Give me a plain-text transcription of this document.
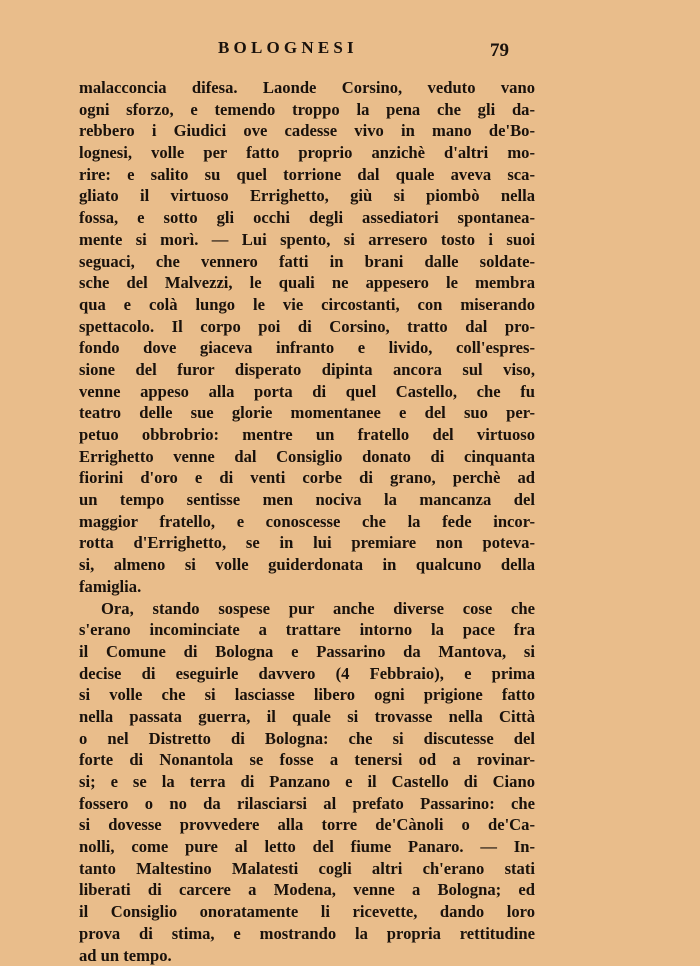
BOLOGNESI	79
malacconcia difesa. Laonde Corsino, veduto vano
ogni sforzo, e temendo troppo la pena che gli da-
rebbero i Giudici ove cadesse vivo in mano de'Bo-
lognesi, volle per fatto proprio anzichè d'altri mo-
rire: e salito su quel torrione dal quale aveva sca-
gliato il virtuoso Errighetto, giù si piombò nella
fossa, e sotto gli occhi degli assediatori spontanea-
mente si morì. — Lui spento, si arresero tosto i suoi
seguaci, che vennero fatti in brani dalle soldate-
sche del Malvezzi, le quali ne appesero le membra
qua e colà lungo le vie circostanti, con miserando
spettacolo. Il corpo poi di Corsino, tratto dal pro-
fondo dove giaceva infranto e livido, coll'espres-
sione del furor disperato dipinta ancora sul viso,
venne appeso alla porta di quel Castello, che fu
teatro delle sue glorie momentanee e del suo per-
petuo obbrobrio: mentre un fratello del virtuoso
Errighetto venne dal Consiglio donato di cinquanta
fiorini d'oro e di venti corbe di grano, perchè ad
un tempo sentisse men nociva la mancanza del
maggior fratello, e conoscesse che la fede incor-
rotta d'Errighetto, se in lui premiare non poteva-
si, almeno si volle guiderdonata in qualcuno della
famiglia.
Ora, stando sospese pur anche diverse cose che
s'erano incominciate a trattare intorno la pace fra
il Comune di Bologna e Passarino da Mantova, si
decise di eseguirle davvero (4 Febbraio), e prima
si volle che si lasciasse libero ogni prigione fatto
nella passata guerra, il quale si trovasse nella Città
o nel Distretto di Bologna: che si discutesse del
forte di Nonantola se fosse a tenersi od a rovinar-
si; e se la terra di Panzano e il Castello di Ciano
fossero o no da rilasciarsi al prefato Passarino: che
si dovesse provvedere alla torre de'Cànoli o de'Ca-
nolli, come pure al letto del fiume Panaro. — In-
tanto Maltestino Malatesti cogli altri ch'erano stati
liberati di carcere a Modena, venne a Bologna; ed
il Consiglio onoratamente li ricevette, dando loro
prova di stima, e mostrando la propria rettitudine
ad un tempo.
